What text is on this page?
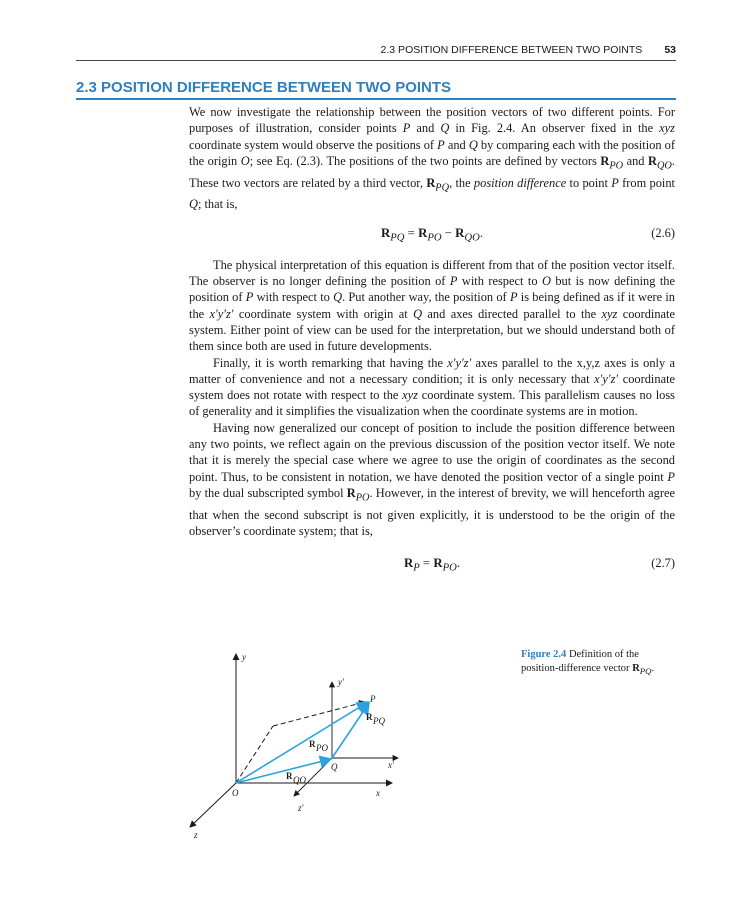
2.3 POSITION DIFFERENCE BETWEEN TWO POINTS 53
2.3 POSITION DIFFERENCE BETWEEN TWO POINTS

We now investigate the relationship between the position vectors of two different points. For purposes of illustration, consider points P and Q in Fig. 2.4. An observer fixed in the xyz coordinate system would observe the positions of P and Q by comparing each with the position of the origin O; see Eq. (2.3). The positions of the two points are defined by vectors $R_{PO}$ and $R_{QO}$. These two vectors are related by a third vector, $R_{PQ}$, the position difference to point P from point Q; that is,

$R_{PQ} = R_{PO} - R_{QO}$.	(2.6)

The physical interpretation of this equation is different from that of the position vector itself. The observer is no longer defining the position of P with respect to O but is now defining the position of P with respect to Q. Put another way, the position of P is being defined as if it were in the x′y′z′ coordinate system with origin at Q and axes directed parallel to the xyz coordinate system. Either point of view can be used for the interpretation, but we should understand both of them since both are used in future developments.

Finally, it is worth remarking that having the x′y′z′ axes parallel to the x,y,z axes is only a matter of convenience and not a necessary condition; it is only necessary that x′y′z′ coordinate system does not rotate with respect to the xyz coordinate system. This parallelism causes no loss of generality and it simplifies the visualization when the coordinate systems are in motion.

Having now generalized our concept of position to include the position difference between any two points, we reflect again on the previous discussion of the position vector itself. We note that it is merely the special case where we agree to use the origin of coordinates as the second point. Thus, to be consistent in notation, we have denoted the position vector of a single point P by the dual subscripted symbol $R_{PO}$. However, in the interest of brevity, we will henceforth agree that when the second subscript is not given explicitly, it is understood to be the origin of the observer’s coordinate system; that is,

$R_P = R_{PO}$.	(2.7)
y
y'
x'
x
z
z'
O
Q
P
R PQ
R PO
R QO
Figure 2.4 Definition of the position-difference vector $R_{PQ}$.
